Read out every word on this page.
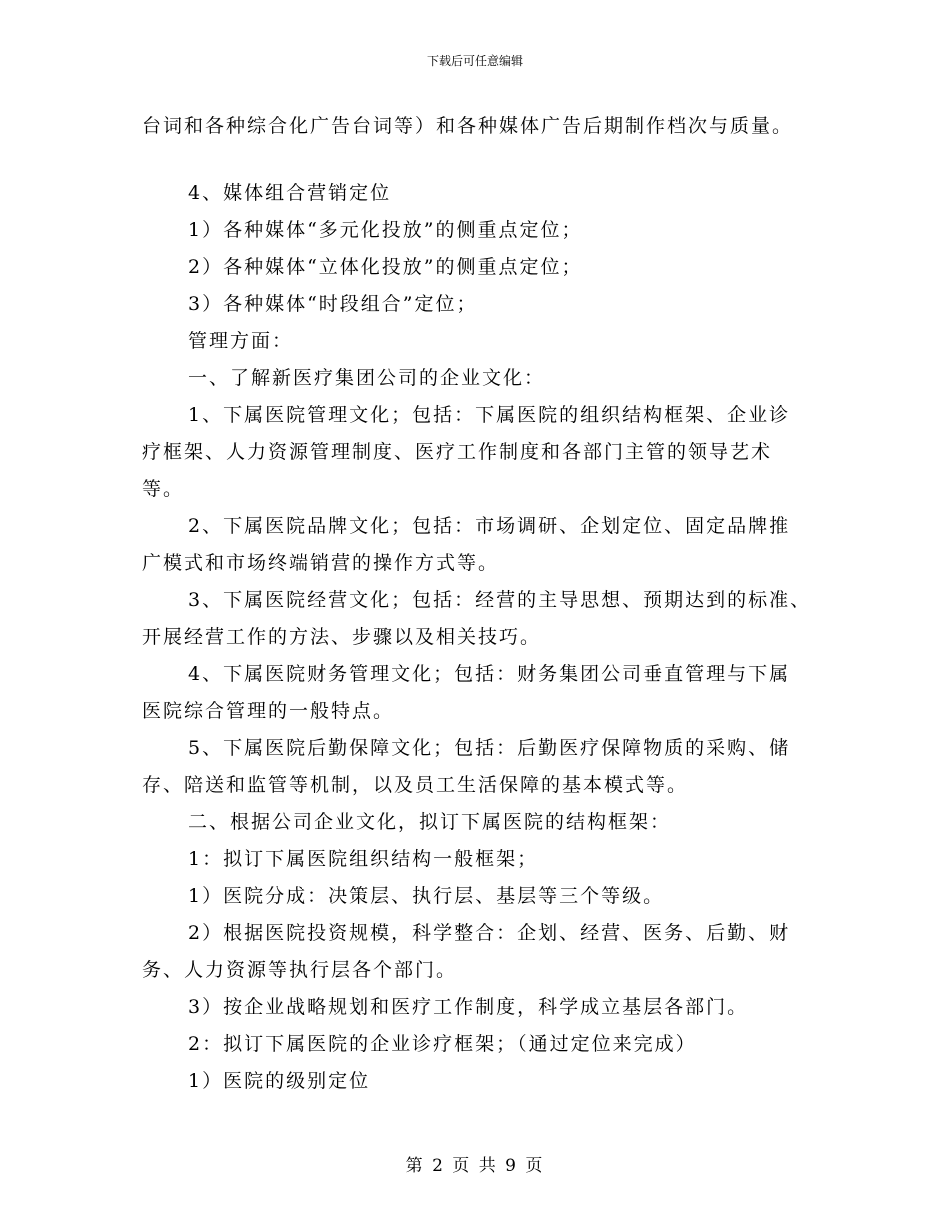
下载后可任意编辑

台词和各种综合化广告台词等）和各种媒体广告后期制作档次与质量。

4、媒体组合营销定位

1）各种媒体“多元化投放”的侧重点定位；

2）各种媒体“立体化投放”的侧重点定位；

3）各种媒体“时段组合”定位；

管理方面：

一、了解新医疗集团公司的企业文化：

1、下属医院管理文化；包括：下属医院的组织结构框架、企业诊

疗框架、人力资源管理制度、医疗工作制度和各部门主管的领导艺术

等。

2、下属医院品牌文化；包括：市场调研、企划定位、固定品牌推

广模式和市场终端销营的操作方式等。

3、下属医院经营文化；包括：经营的主导思想、预期达到的标准、

开展经营工作的方法、步骤以及相关技巧。

4、下属医院财务管理文化；包括：财务集团公司垂直管理与下属

医院综合管理的一般特点。

5、下属医院后勤保障文化；包括：后勤医疗保障物质的采购、储

存、陪送和监管等机制，以及员工生活保障的基本模式等。

二、根据公司企业文化，拟订下属医院的结构框架：

1：拟订下属医院组织结构一般框架；

1）医院分成：决策层、执行层、基层等三个等级。

2）根据医院投资规模，科学整合：企划、经营、医务、后勤、财

务、人力资源等执行层各个部门。

3）按企业战略规划和医疗工作制度，科学成立基层各部门。

2：拟订下属医院的企业诊疗框架；（通过定位来完成）

1）医院的级别定位

第 2 页 共 9 页
